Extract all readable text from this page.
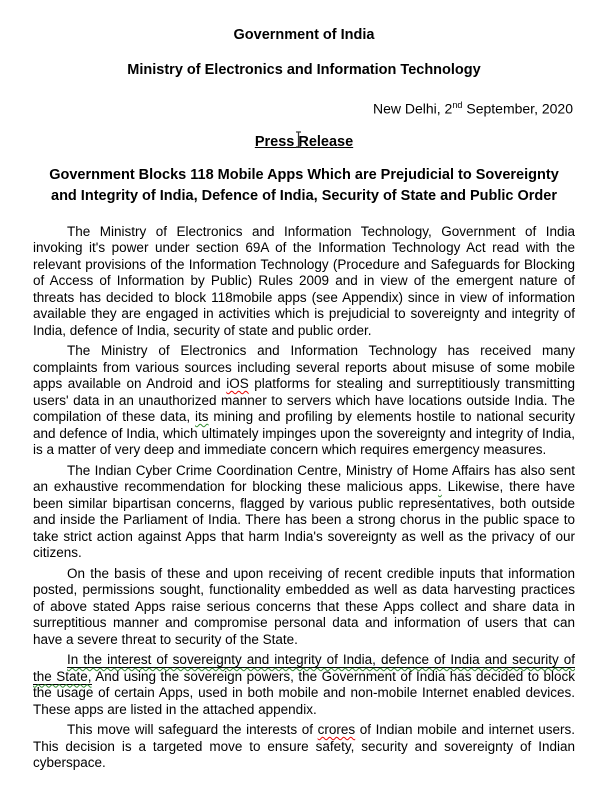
Government of India
Ministry of Electronics and Information Technology
New Delhi, 2nd September, 2020
Press Release
Government Blocks 118 Mobile Apps Which are Prejudicial to Sovereignty and Integrity of India, Defence of India, Security of State and Public Order

The Ministry of Electronics and Information Technology, Government of India invoking it's power under section 69A of the Information Technology Act read with the relevant provisions of the Information Technology (Procedure and Safeguards for Blocking of Access of Information by Public) Rules 2009 and in view of the emergent nature of threats has decided to block 118mobile apps (see Appendix) since in view of information available they are engaged in activities which is prejudicial to sovereignty and integrity of India, defence of India, security of state and public order.

The Ministry of Electronics and Information Technology has received many complaints from various sources including several reports about misuse of some mobile apps available on Android and iOS platforms for stealing and surreptitiously transmitting users' data in an unauthorized manner to servers which have locations outside India. The compilation of these data, its mining and profiling by elements hostile to national security and defence of India, which ultimately impinges upon the sovereignty and integrity of India, is a matter of very deep and immediate concern which requires emergency measures.

The Indian Cyber Crime Coordination Centre, Ministry of Home Affairs has also sent an exhaustive recommendation for blocking these malicious apps. Likewise, there have been similar bipartisan concerns, flagged by various public representatives, both outside and inside the Parliament of India. There has been a strong chorus in the public space to take strict action against Apps that harm India's sovereignty as well as the privacy of our citizens.

On the basis of these and upon receiving of recent credible inputs that information posted, permissions sought, functionality embedded as well as data harvesting practices of above stated Apps raise serious concerns that these Apps collect and share data in surreptitious manner and compromise personal data and information of users that can have a severe threat to security of the State.

In the interest of sovereignty and integrity of India, defence of India and security of the State, And using the sovereign powers, the Government of India has decided to block the usage of certain Apps, used in both mobile and non-mobile Internet enabled devices. These apps are listed in the attached appendix.

This move will safeguard the interests of crores of Indian mobile and internet users. This decision is a targeted move to ensure safety, security and sovereignty of Indian cyberspace.
